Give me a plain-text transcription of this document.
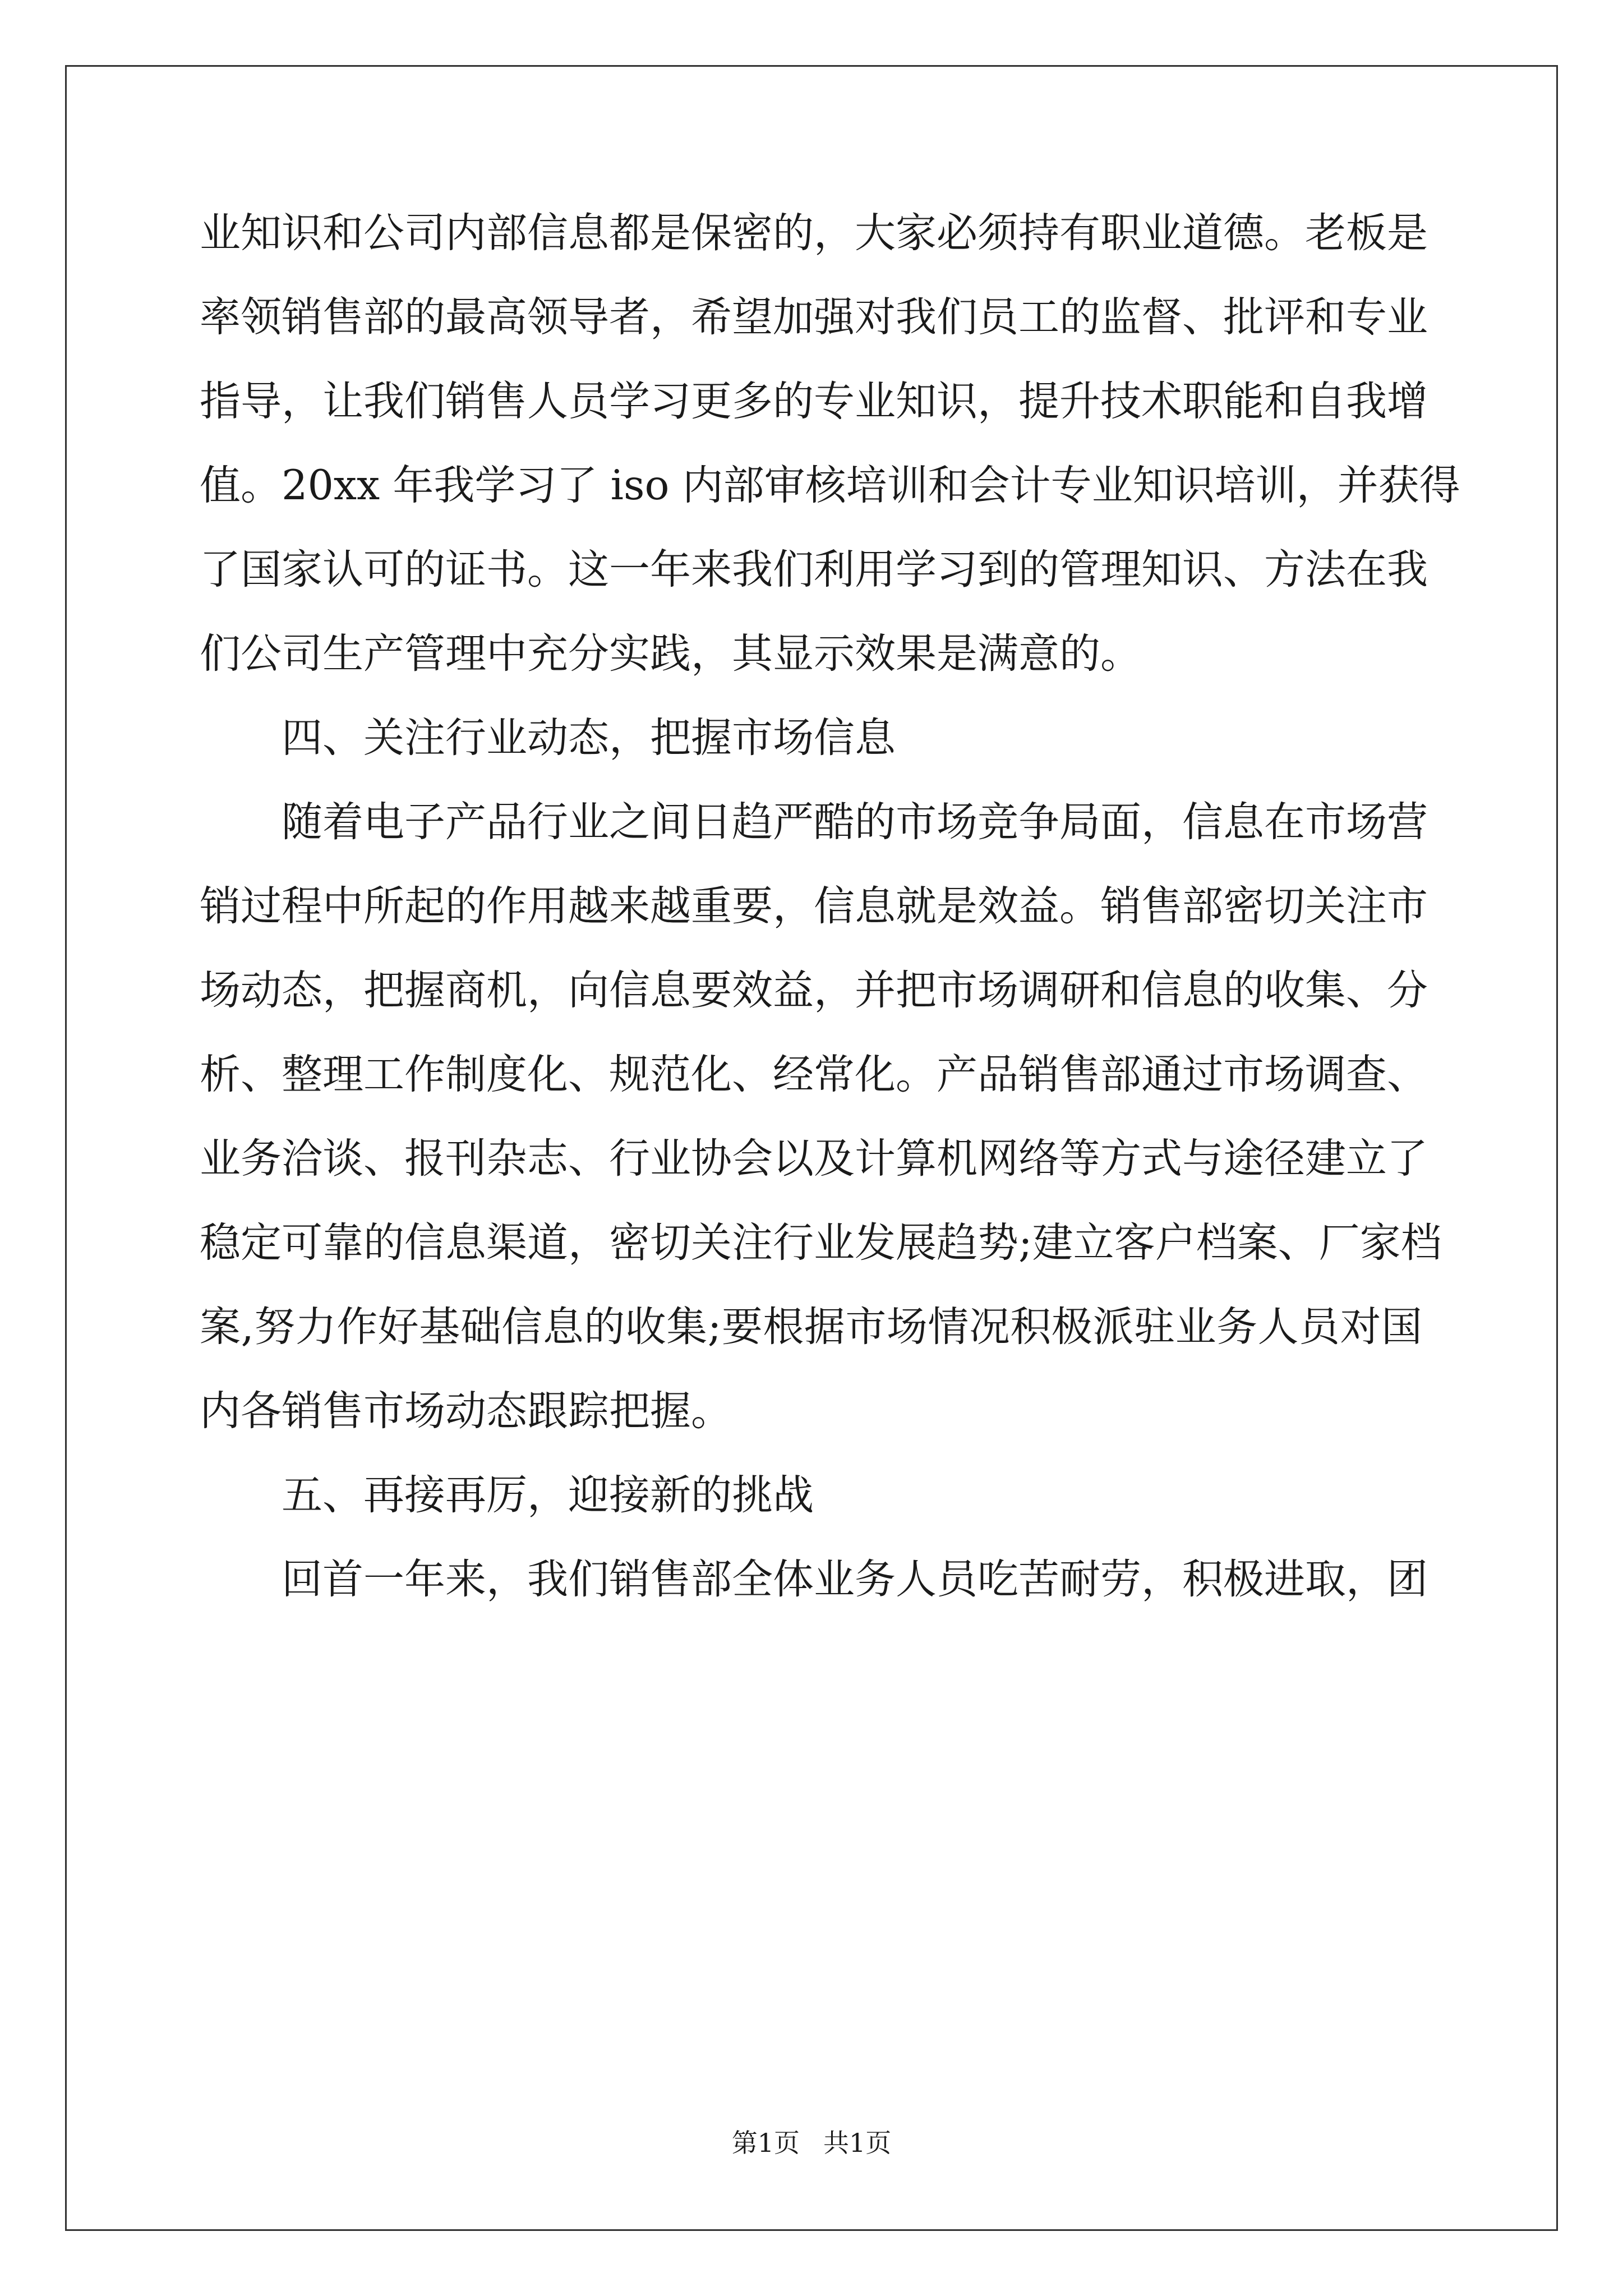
业知识和公司内部信息都是保密的，大家必须持有职业道德。老板是
率领销售部的最高领导者，希望加强对我们员工的监督、批评和专业
指导，让我们销售人员学习更多的专业知识，提升技术职能和自我增
值。20xx 年我学习了 iso 内部审核培训和会计专业知识培训，并获得
了国家认可的证书。这一年来我们利用学习到的管理知识、方法在我
们公司生产管理中充分实践，其显示效果是满意的。
四、关注行业动态，把握市场信息
随着电子产品行业之间日趋严酷的市场竞争局面，信息在市场营
销过程中所起的作用越来越重要，信息就是效益。销售部密切关注市
场动态，把握商机，向信息要效益，并把市场调研和信息的收集、分
析、整理工作制度化、规范化、经常化。产品销售部通过市场调查、
业务洽谈、报刊杂志、行业协会以及计算机网络等方式与途径建立了
稳定可靠的信息渠道，密切关注行业发展趋势;建立客户档案、厂家档
案,努力作好基础信息的收集;要根据市场情况积极派驻业务人员对国
内各销售市场动态跟踪把握。
五、再接再厉，迎接新的挑战
回首一年来，我们销售部全体业务人员吃苦耐劳，积极进取，团
第1页 共1页
